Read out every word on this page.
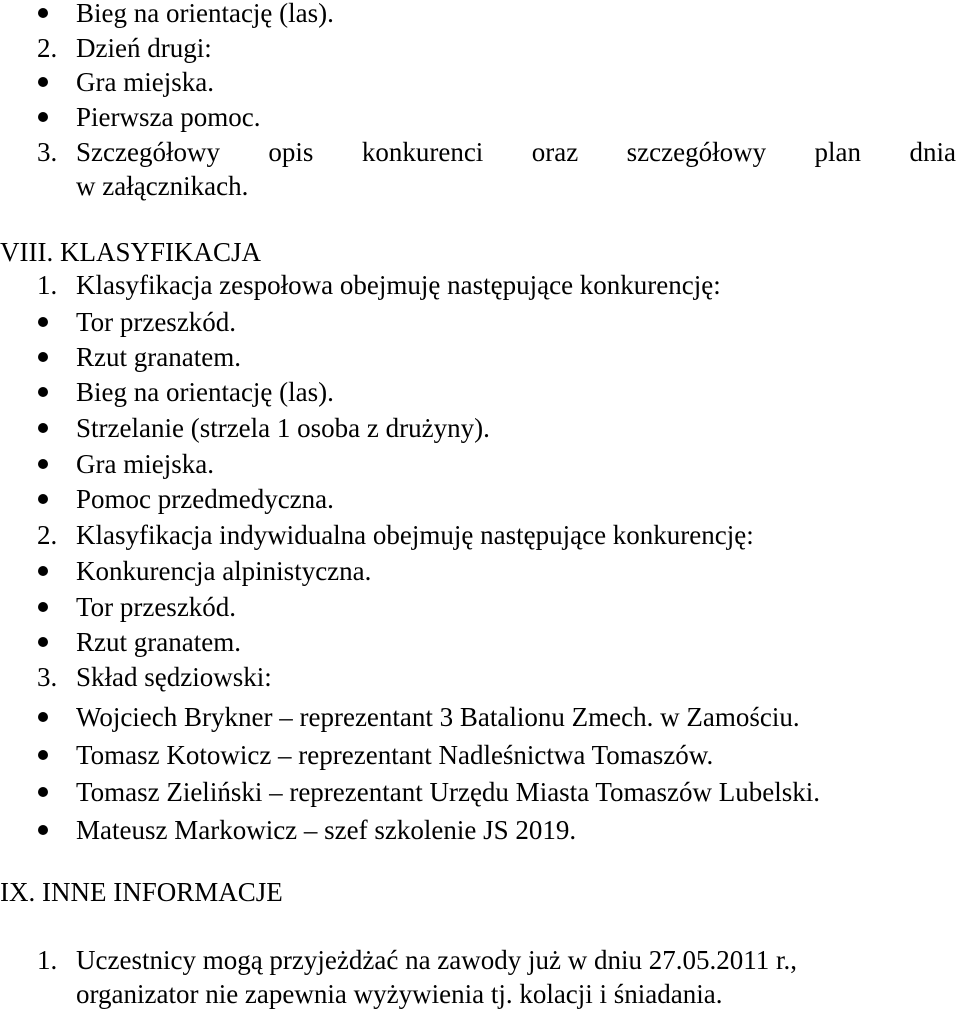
Bieg na orientację (las).
2. Dzień drugi:
Gra miejska.
Pierwsza pomoc.
3. Szczegółowy opis konkurenci oraz szczegółowy plan dnia
w załącznikach.
VIII. KLASYFIKACJA
1. Klasyfikacja zespołowa obejmuję następujące konkurencję:
Tor przeszkód.
Rzut granatem.
Bieg na orientację (las).
Strzelanie (strzela 1 osoba z drużyny).
Gra miejska.
Pomoc przedmedyczna.
2. Klasyfikacja indywidualna obejmuję następujące konkurencję:
Konkurencja alpinistyczna.
Tor przeszkód.
Rzut granatem.
3. Skład sędziowski:
Wojciech Brykner – reprezentant 3 Batalionu Zmech. w Zamościu.
Tomasz Kotowicz – reprezentant Nadleśnictwa Tomaszów.
Tomasz Zieliński – reprezentant Urzędu Miasta Tomaszów Lubelski.
Mateusz Markowicz – szef szkolenie JS 2019.
IX. INNE INFORMACJE
1. Uczestnicy mogą przyjeżdżać na zawody już w dniu 27.05.2011 r.,
organizator nie zapewnia wyżywienia tj. kolacji i śniadania.
